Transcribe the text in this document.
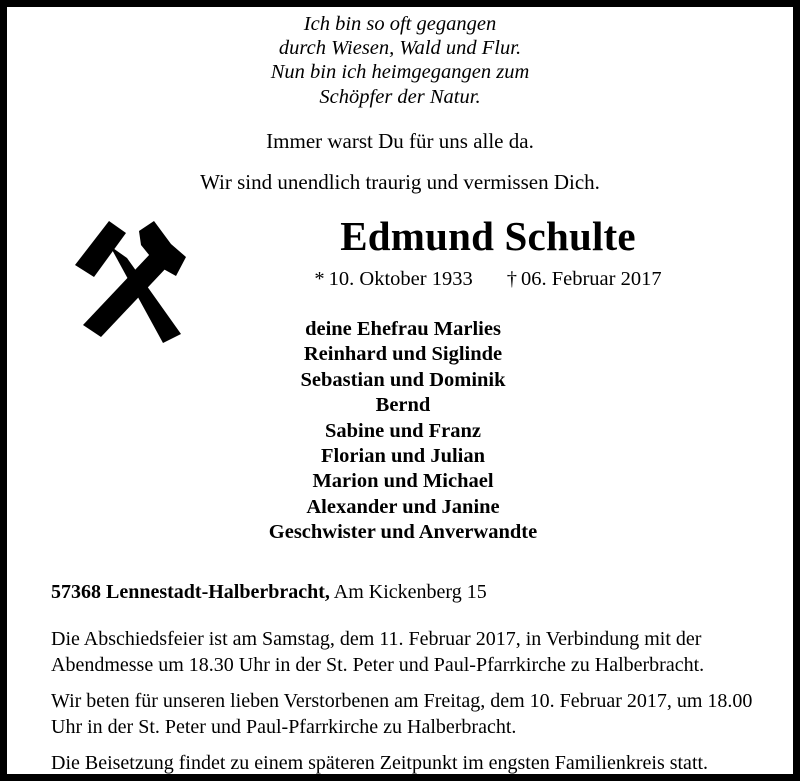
Ich bin so oft gegangen
durch Wiesen, Wald und Flur.
Nun bin ich heimgegangen zum
Schöpfer der Natur.
Immer warst Du für uns alle da.
Wir sind unendlich traurig und vermissen Dich.
Edmund Schulte
* 10. Oktober 1933 † 06. Februar 2017
deine Ehefrau Marlies
Reinhard und Siglinde
Sebastian und Dominik
Bernd
Sabine und Franz
Florian und Julian
Marion und Michael
Alexander und Janine
Geschwister und Anverwandte
57368 Lennestadt-Halberbracht, Am Kickenberg 15

Die Abschiedsfeier ist am Samstag, dem 11. Februar 2017, in Verbindung mit der Abendmesse um 18.30 Uhr in der St. Peter und Paul-Pfarrkirche zu Halberbracht.

Wir beten für unseren lieben Verstorbenen am Freitag, dem 10. Februar 2017, um 18.00 Uhr in der St. Peter und Paul-Pfarrkirche zu Halberbracht.

Die Beisetzung findet zu einem späteren Zeitpunkt im engsten Familienkreis statt.
